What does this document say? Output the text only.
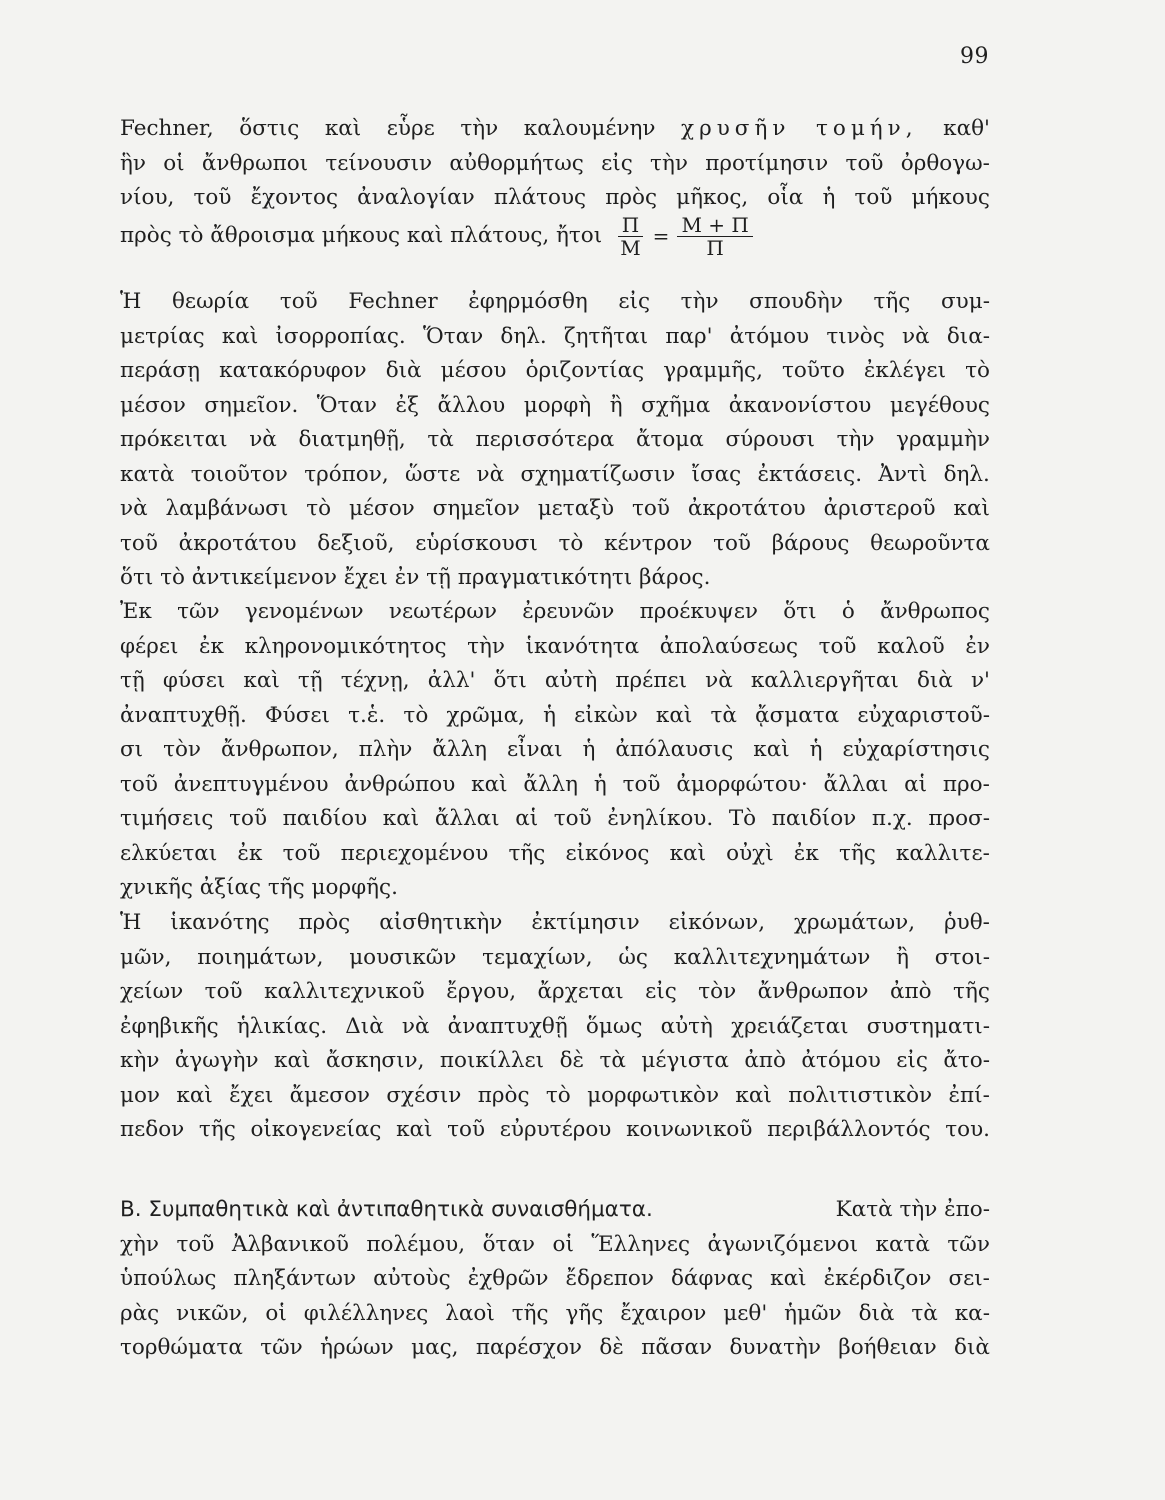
99
Fechner, ὅστις καὶ εὗρε τὴν καλουμένην χρυσῆν τομήν, καθ'
ἣν οἱ ἄνθρωποι τείνουσιν αὐθορμήτως εἰς τὴν προτίμησιν τοῦ ὀρθογω-
νίου, τοῦ ἔχοντος ἀναλογίαν πλάτους πρὸς μῆκος, οἷα ἡ τοῦ μήκους
πρὸς τὸ ἄθροισμα μήκους καὶ πλάτους, ἤτοι $\frac{\Pi}{M} = \frac{M + \Pi}{\Pi}$
Ἡ θεωρία τοῦ Fechner ἐφηρμόσθη εἰς τὴν σπουδὴν τῆς συμ-
μετρίας καὶ ἰσορροπίας. Ὅταν δηλ. ζητῆται παρ' ἀτόμου τινὸς νὰ δια-
περάσῃ κατακόρυφον διὰ μέσου ὁριζοντίας γραμμῆς, τοῦτο ἐκλέγει τὸ
μέσον σημεῖον. Ὅταν ἐξ ἄλλου μορφὴ ἢ σχῆμα ἀκανονίστου μεγέθους
πρόκειται νὰ διατμηθῇ, τὰ περισσότερα ἄτομα σύρουσι τὴν γραμμὴν
κατὰ τοιοῦτον τρόπον, ὥστε νὰ σχηματίζωσιν ἴσας ἐκτάσεις. Ἀντὶ δηλ.
νὰ λαμβάνωσι τὸ μέσον σημεῖον μεταξὺ τοῦ ἀκροτάτου ἀριστεροῦ καὶ
τοῦ ἀκροτάτου δεξιοῦ, εὑρίσκουσι τὸ κέντρον τοῦ βάρους θεωροῦντα
ὅτι τὸ ἀντικείμενον ἔχει ἐν τῇ πραγματικότητι βάρος.
Ἐκ τῶν γενομένων νεωτέρων ἐρευνῶν προέκυψεν ὅτι ὁ ἄνθρωπος
φέρει ἐκ κληρονομικότητος τὴν ἱκανότητα ἀπολαύσεως τοῦ καλοῦ ἐν
τῇ φύσει καὶ τῇ τέχνῃ, ἀλλ' ὅτι αὐτὴ πρέπει νὰ καλλιεργῆται διὰ ν'
ἀναπτυχθῇ. Φύσει τ.ἑ. τὸ χρῶμα, ἡ εἰκὼν καὶ τὰ ᾄσματα εὐχαριστοῦ-
σι τὸν ἄνθρωπον, πλὴν ἄλλη εἶναι ἡ ἀπόλαυσις καὶ ἡ εὐχαρίστησις
τοῦ ἀνεπτυγμένου ἀνθρώπου καὶ ἄλλη ἡ τοῦ ἀμορφώτου· ἄλλαι αἱ προ-
τιμήσεις τοῦ παιδίου καὶ ἄλλαι αἱ τοῦ ἐνηλίκου. Τὸ παιδίον π.χ. προσ-
ελκύεται ἐκ τοῦ περιεχομένου τῆς εἰκόνος καὶ οὐχὶ ἐκ τῆς καλλιτε-
χνικῆς ἀξίας τῆς μορφῆς.
Ἡ ἱκανότης πρὸς αἰσθητικὴν ἐκτίμησιν εἰκόνων, χρωμάτων, ῥυθ-
μῶν, ποιημάτων, μουσικῶν τεμαχίων, ὡς καλλιτεχνημάτων ἢ στοι-
χείων τοῦ καλλιτεχνικοῦ ἔργου, ἄρχεται εἰς τὸν ἄνθρωπον ἀπὸ τῆς
ἐφηβικῆς ἡλικίας. Διὰ νὰ ἀναπτυχθῇ ὅμως αὐτὴ χρειάζεται συστηματι-
κὴν ἀγωγὴν καὶ ἄσκησιν, ποικίλλει δὲ τὰ μέγιστα ἀπὸ ἀτόμου εἰς ἄτο-
μον καὶ ἔχει ἄμεσον σχέσιν πρὸς τὸ μορφωτικὸν καὶ πολιτιστικὸν ἐπί-
πεδον τῆς οἰκογενείας καὶ τοῦ εὐρυτέρου κοινωνικοῦ περιβάλλοντός του.
Β. Συμπαθητικὰ καὶ ἀντιπαθητικὰ συναισθήματα.	Κατὰ τὴν ἐπο-
χὴν τοῦ Ἀλβανικοῦ πολέμου, ὅταν οἱ Ἕλληνες ἀγωνιζόμενοι κατὰ τῶν
ὑπούλως πληξάντων αὐτοὺς ἐχθρῶν ἔδρεπον δάφνας καὶ ἐκέρδιζον σει-
ρὰς νικῶν, οἱ φιλέλληνες λαοὶ τῆς γῆς ἔχαιρον μεθ' ἡμῶν διὰ τὰ κα-
τορθώματα τῶν ἡρώων μας, παρέσχον δὲ πᾶσαν δυνατὴν βοήθειαν διὰ
